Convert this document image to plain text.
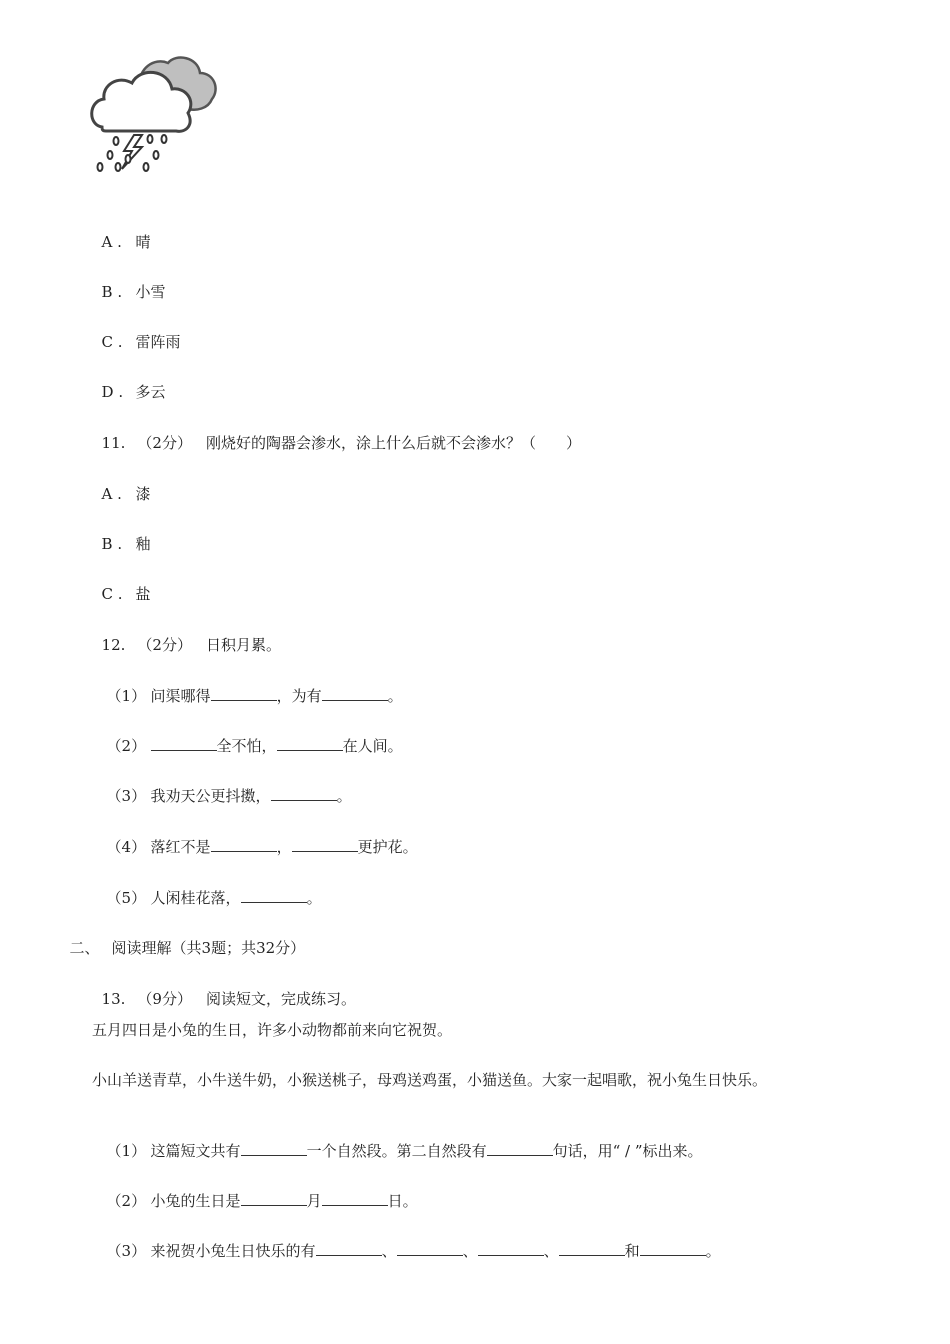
A . 晴

B . 小雪

C . 雷阵雨

D . 多云

11. （2分） 刚烧好的陶器会渗水，涂上什么后就不会渗水？（　　）

A . 漆

B . 釉

C . 盐

12. （2分） 日积月累。

（1） 问渠哪得	，为有	。

（2）	全不怕，	在人间。

（3） 我劝天公更抖擞，	。

（4） 落红不是	，	更护花。

（5） 人闲桂花落，	。

二、 阅读理解（共3题；共32分）

13. （9分） 阅读短文，完成练习。

五月四日是小兔的生日，许多小动物都前来向它祝贺。
小山羊送青草，小牛送牛奶，小猴送桃子，母鸡送鸡蛋，小猫送鱼。大家一起唱歌，祝小兔生日快乐。

（1） 这篇短文共有	一个自然段。第二自然段有	句话，用“ / ”标出来。

（2） 小兔的生日是	月	日。

（3） 来祝贺小兔生日快乐的有	、	、	、	和	。
